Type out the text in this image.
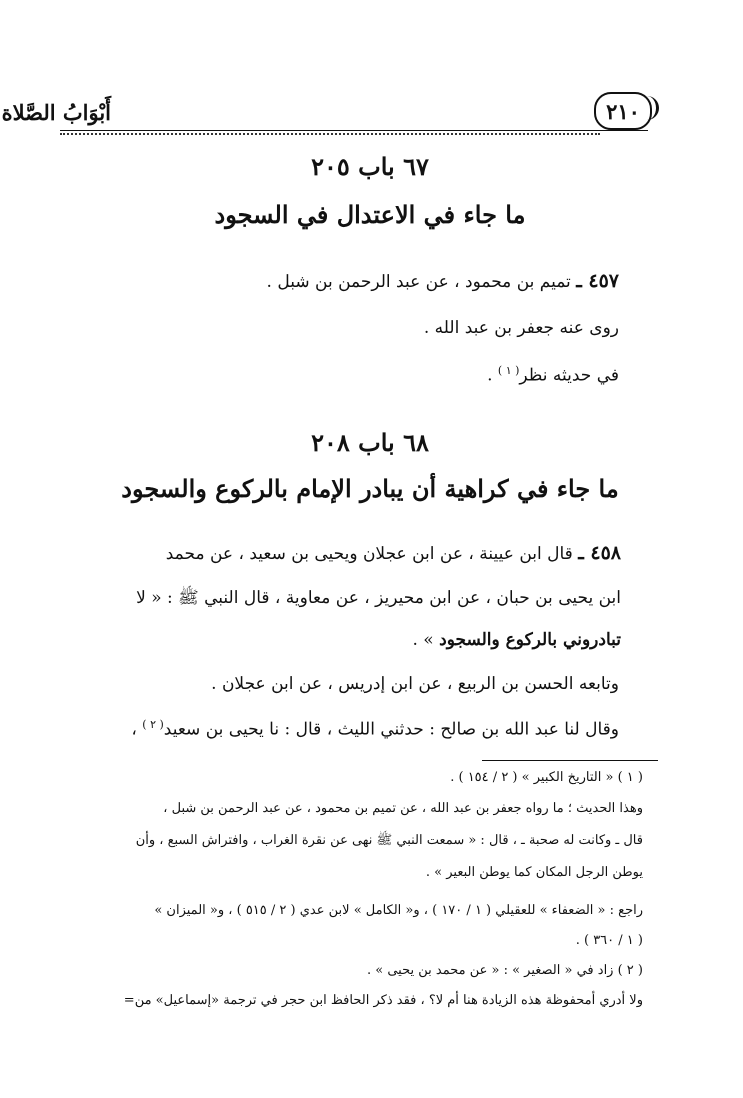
أَبْوَابُ الصَّلاة	٢١٠
٦٧ باب ٢٠٥
ما جاء في الاعتدال في السجود
٤٥٧ ـ تميم بن محمود ، عن عبد الرحمن بن شبل .
روى عنه جعفر بن عبد الله .
في حديثه نظر$^{( ١ )}$ .
٦٨ باب ٢٠٨
ما جاء في كراهية أن يبادر الإمام بالركوع والسجود
٤٥٨ ـ قال ابن عيينة ، عن ابن عجلان ويحيى بن سعيد ، عن محمد
ابن يحيى بن حبان ، عن ابن محيريز ، عن معاوية ، قال النبي ﷺ : « لا
تبادروني بالركوع والسجود » .
وتابعه الحسن بن الربيع ، عن ابن إدريس ، عن ابن عجلان .
وقال لنا عبد الله بن صالح : حدثني الليث ، قال : نا يحيى بن سعيد$^{( ٢ )}$ ،
( ١ ) « التاريخ الكبير » ( ٢ / ١٥٤ ) .
وهذا الحديث ؛ ما رواه جعفر بن عبد الله ، عن تميم بن محمود ، عن عبد الرحمن بن شبل ،
قال ـ وكانت له صحبة ـ ، قال : « سمعت النبي ﷺ نهى عن نقرة الغراب ، وافتراش السبع ، وأن
يوطن الرجل المكان كما يوطن البعير » .
راجع : « الضعفاء » للعقيلي ( ١ / ١٧٠ ) ، و« الكامل » لابن عدي ( ٢ / ٥١٥ ) ، و« الميزان »
( ١ / ٣٦٠ ) .
( ٢ ) زاد في « الصغير » : « عن محمد بن يحيى » .
ولا أدري أمحفوظة هذه الزيادة هنا أم لا؟ ، فقد ذكر الحافظ ابن حجر في ترجمة «إسماعيل» من=
